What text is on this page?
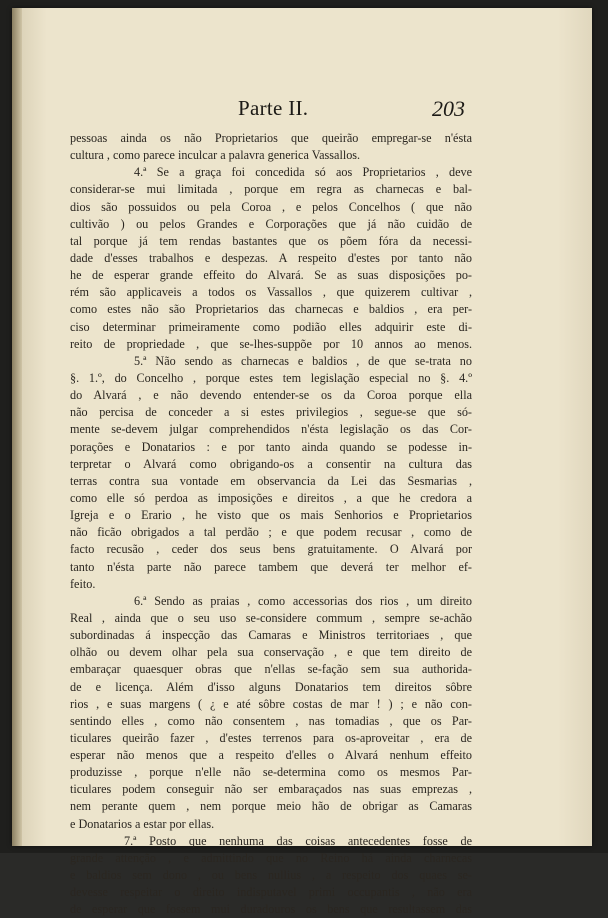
Parte II.	203
pessoas ainda os não Proprietarios que queirão empregar-se n'ésta
cultura , como parece inculcar a palavra generica Vassallos.
4.ª Se a graça foi concedida só aos Proprietarios , deve
considerar-se mui limitada , porque em regra as charnecas e bal-
dios são possuidos ou pela Coroa , e pelos Concelhos ( que não
cultivão ) ou pelos Grandes e Corporações que já não cuidão de
tal porque já tem rendas bastantes que os põem fóra da necessi-
dade d'esses trabalhos e despezas. A respeito d'estes por tanto não
he de esperar grande effeito do Alvará. Se as suas disposições po-
rém são applicaveis a todos os Vassallos , que quizerem cultivar ,
como estes não são Proprietarios das charnecas e baldios , era per-
ciso determinar primeiramente como podião elles adquirir este di-
reito de propriedade , que se-lhes-suppõe por 10 annos ao menos.
5.ª Não sendo as charnecas e baldios , de que se-trata no
§. 1.º, do Concelho , porque estes tem legislação especial no §. 4.º
do Alvará , e não devendo entender-se os da Coroa porque ella
não percisa de conceder a si estes privilegios , segue-se que só-
mente se-devem julgar comprehendidos n'ésta legislação os das Cor-
porações e Donatarios : e por tanto ainda quando se podesse in-
terpretar o Alvará como obrigando-os a consentir na cultura das
terras contra sua vontade em observancia da Lei das Sesmarias ,
como elle só perdoa as imposições e direitos , a que he credora a
Igreja e o Erario , he visto que os mais Senhorios e Proprietarios
não ficão obrigados a tal perdão ; e que podem recusar , como de
facto recusão , ceder dos seus bens gratuitamente. O Alvará por
tanto n'ésta parte não parece tambem que deverá ter melhor ef-
feito.
6.ª Sendo as praias , como accessorias dos rios , um direito
Real , ainda que o seu uso se-considere commum , sempre se-achão
subordinadas á inspecção das Camaras e Ministros territoriaes , que
olhão ou devem olhar pela sua conservação , e que tem direito de
embaraçar quaesquer obras que n'ellas se-fação sem sua authorida-
de e licença. Além d'isso alguns Donatarios tem direitos sôbre
rios , e suas margens ( ¿ e até sôbre costas de mar ! ) ; e não con-
sentindo elles , como não consentem , nas tomadias , que os Par-
ticulares queirão fazer , d'estes terrenos para os-aproveitar , era de
esperar não menos que a respeito d'elles o Alvará nenhum effeito
produzisse , porque n'elle não se-determina como os mesmos Par-
ticulares podem conseguir não ser embaraçados nas suas emprezas ,
nem perante quem , nem porque meio hão de obrigar as Camaras
e Donatarios a estar por ellas.
7.ª Posto que nenhuma das coisas antecedentes fosse de
grande attenção , e admittindo que no Reino há ainda charnecas
e baldios sem dono , ou bens nullius , a respeito dos quaes se-
devesse respeitar o direito indisputavel primi occupantis , não era
de esperar que fossem mui duradouros os bens que resultassem das
